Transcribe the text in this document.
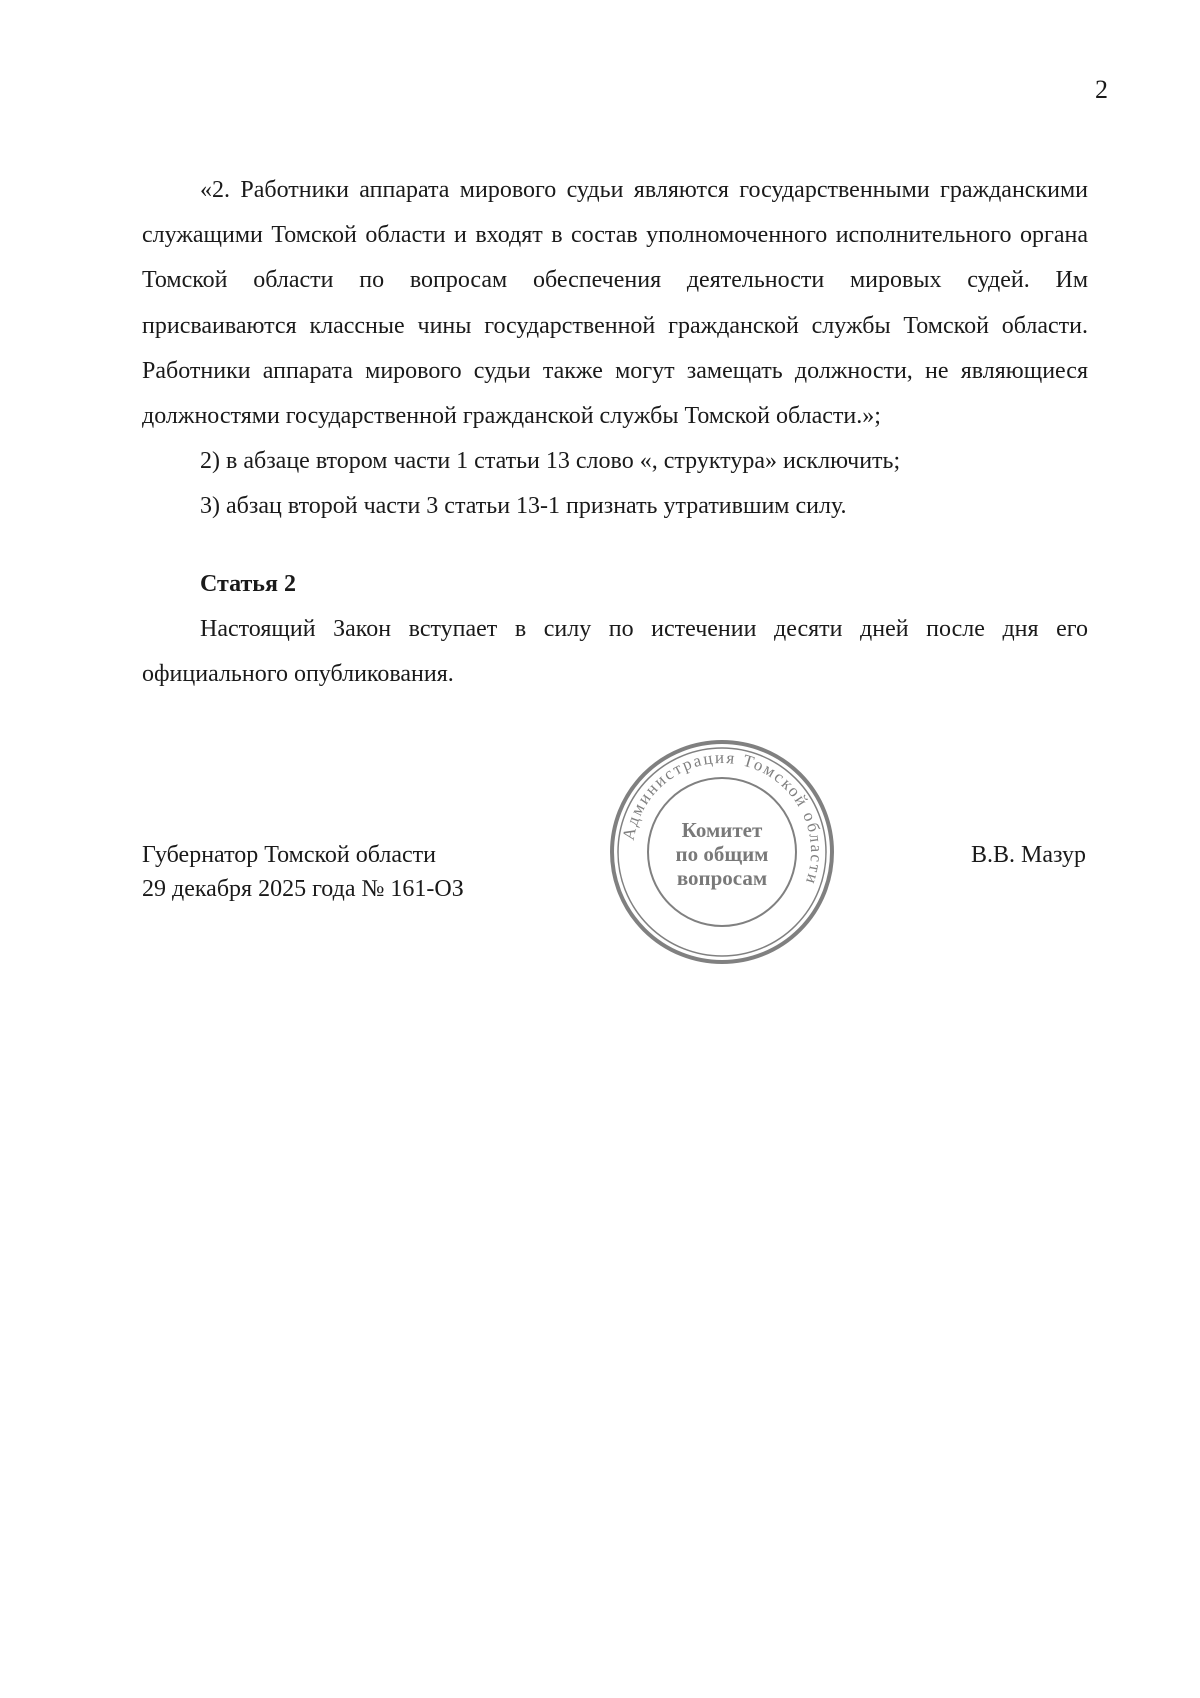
2

«2. Работники аппарата мирового судьи являются государственными гражданскими служащими Томской области и входят в состав уполномоченного исполнительного органа Томской области по вопросам обеспечения деятельности мировых судей. Им присваиваются классные чины государственной гражданской службы Томской области. Работники аппарата мирового судьи также могут замещать должности, не являющиеся должностями государственной гражданской службы Томской области.»;

2) в абзаце втором части 1 статьи 13 слово «, структура» исключить;

3) абзац второй части 3 статьи 13-1 признать утратившим силу.

Статья 2

Настоящий Закон вступает в силу по истечении десяти дней после дня его официального опубликования.

Губернатор Томской области
29 декабря 2025 года № 161-ОЗ
В.В. Мазур
Администрация Томской области
Комитет
по общим
вопросам
